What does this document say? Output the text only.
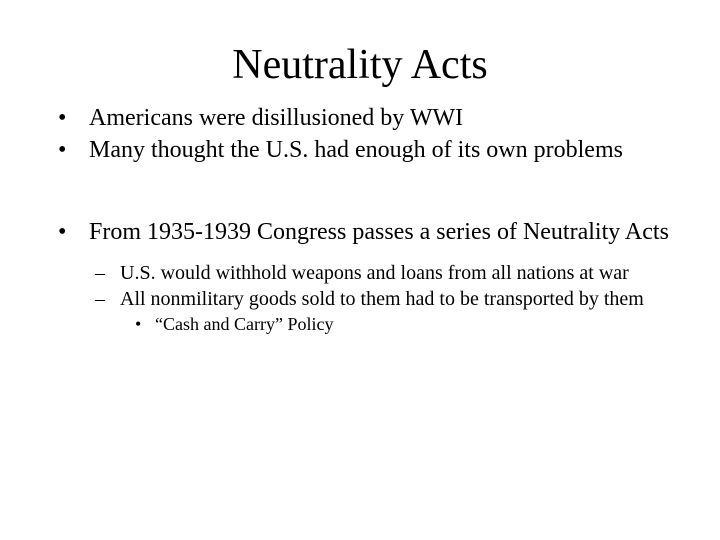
Neutrality Acts
• Americans were disillusioned by WWI
• Many thought the U.S. had enough of its own problems
• From 1935-1939 Congress passes a series of Neutrality Acts
– U.S. would withhold weapons and loans from all nations at war
– All nonmilitary goods sold to them had to be transported by them
• “Cash and Carry” Policy
